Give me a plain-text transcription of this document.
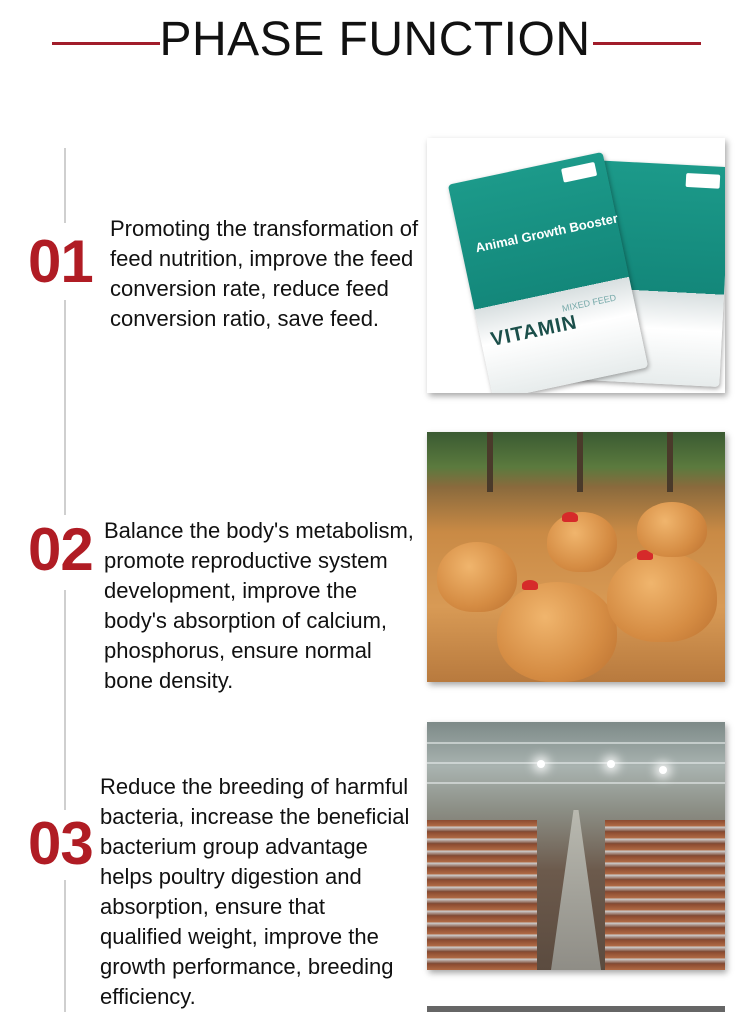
PHASE FUNCTION
01 Promoting the transformation of
feed nutrition, improve the feed
conversion rate, reduce feed
conversion ratio, save feed.
Animal Growth Booster
MIXED FEED
VITAMIN
02 Balance the body's metabolism,
promote reproductive system
development, improve the
body's absorption of calcium,
phosphorus, ensure normal
bone density.
03
Reduce the breeding of harmful
bacteria, increase the beneficial
bacterium group advantage
helps poultry digestion and
absorption, ensure that
qualified weight, improve the
growth performance, breeding
efficiency.
